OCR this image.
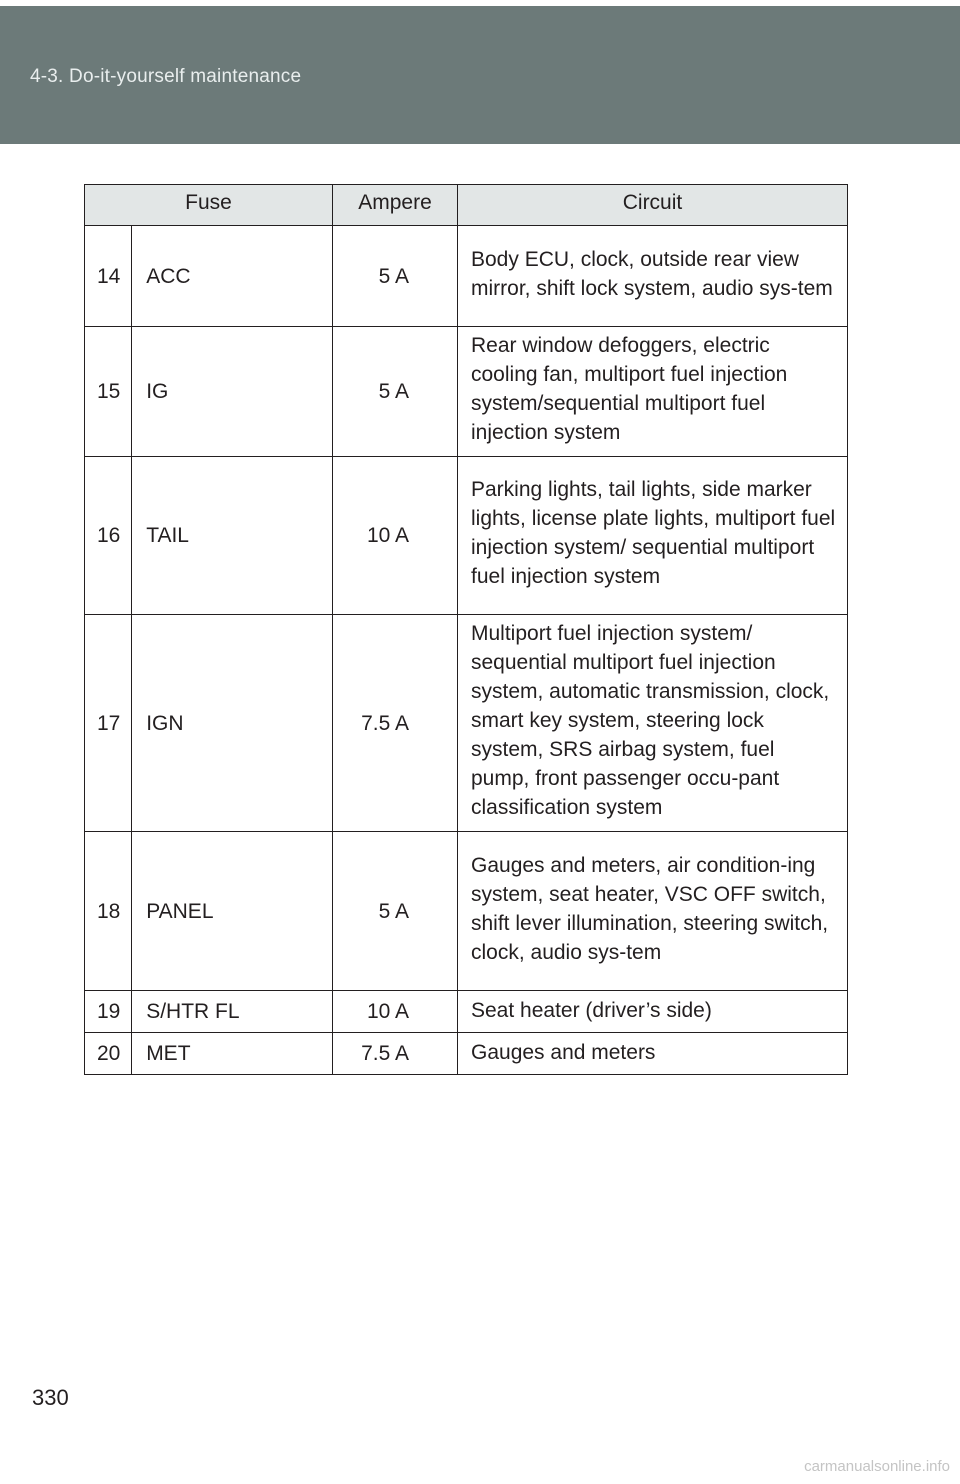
4-3. Do-it-yourself maintenance
Fuse		Ampere	Circuit
14	ACC	5 A	Body ECU, clock, outside rear view mirror, shift lock system, audio sys-tem
15	IG	5 A	Rear window defoggers, electric cooling fan, multiport fuel injection system/sequential multiport fuel injection system
16	TAIL	10 A	Parking lights, tail lights, side marker lights, license plate lights, multiport fuel injection system/ sequential multiport fuel injection system
17	IGN	7.5 A	Multiport fuel injection system/ sequential multiport fuel injection system, automatic transmission, clock, smart key system, steering lock system, SRS airbag system, fuel pump, front passenger occu-pant classification system
18	PANEL	5 A	Gauges and meters, air condition-ing system, seat heater, VSC OFF switch, shift lever illumination, steering switch, clock, audio sys-tem
19	S/HTR FL	10 A	Seat heater (driver’s side)
20	MET	7.5 A	Gauges and meters
330
carmanualsonline.info
